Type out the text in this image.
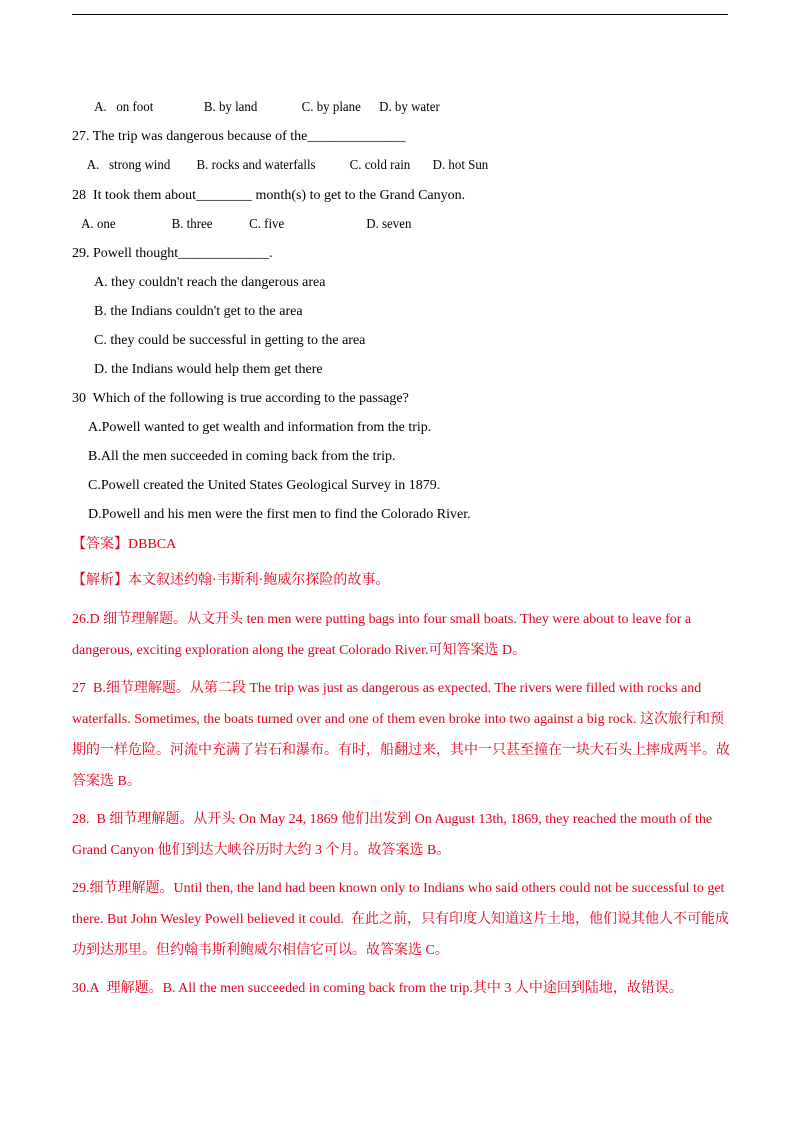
A.   on foot	B. by land	C. by plane D. by water
27. The trip was dangerous because of the______________
A.   strong wind B. rocks and waterfalls C. cold rain D. hot Sun
28  It took them about________ month(s) to get to the Grand Canyon.
A. one	B. three	C. five	D. seven
29. Powell thought_____________.
A. they couldn't reach the dangerous area
B. the Indians couldn't get to the area
C. they could be successful in getting to the area
D. the Indians would help them get there
30  Which of the following is true according to the passage?
A.Powell wanted to get wealth and information from the trip.
B.All the men succeeded in coming back from the trip.
C.Powell created the United States Geological Survey in 1879.
D.Powell and his men were the first men to find the Colorado River.
【答案】DBBCA
【解析】本文叙述约翰·韦斯利·鲍威尔探险的故事。
26.D 细节理解题。从文开头 ten men were putting bags into four small boats. They were about to leave for a
dangerous, exciting exploration along the great Colorado River.可知答案选 D。
27  B.细节理解题。从第二段 The trip was just as dangerous as expected. The rivers were filled with rocks and
waterfalls. Sometimes, the boats turned over and one of them even broke into two against a big rock. 这次旅行和预
期的一样危险。河流中充满了岩石和瀑布。有时，船翻过来，其中一只甚至撞在一块大石头上摔成两半。故
答案选 B。
28.  B 细节理解题。从开头 On May 24, 1869 他们出发到 On August 13th, 1869, they reached the mouth of the
Grand Canyon 他们到达大峡谷历时大约 3 个月。故答案选 B。
29.细节理解题。Until then, the land had been known only to Indians who said others could not be successful to get
there. But John Wesley Powell believed it could.  在此之前，只有印度人知道这片土地，他们说其他人不可能成
功到达那里。但约翰韦斯利鲍威尔相信它可以。故答案选 C。
30.A  理解题。B. All the men succeeded in coming back from the trip.其中 3 人中途回到陆地，故错误。
